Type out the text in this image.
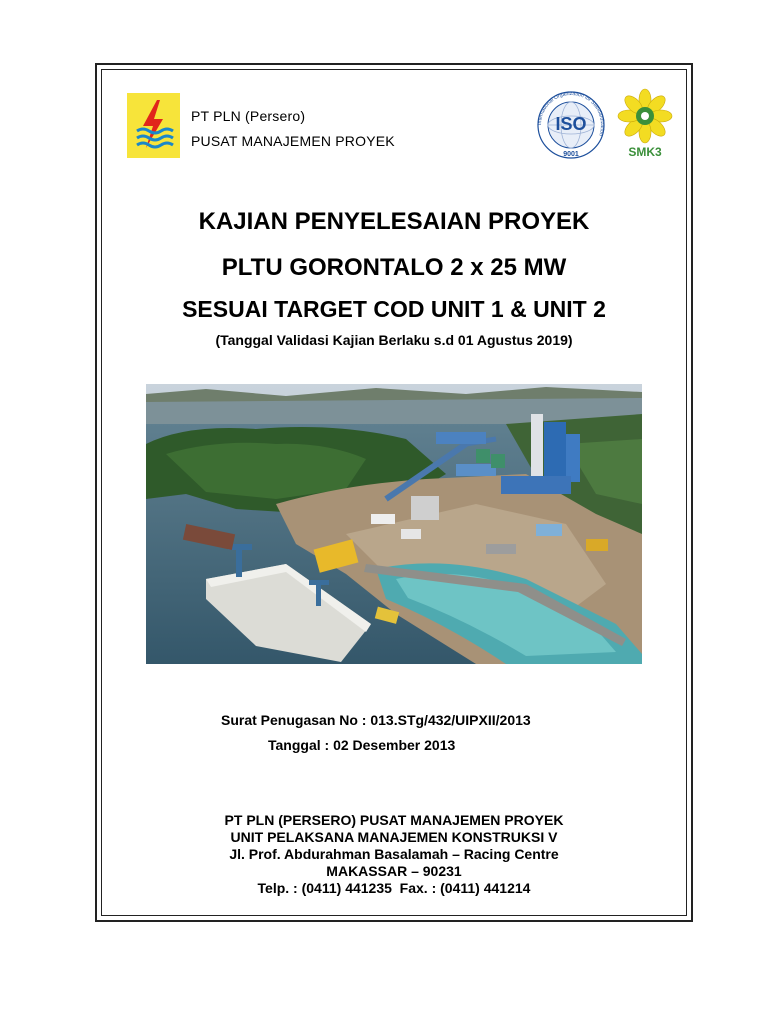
PT PLN (Persero)
PUSAT MANAJEMEN PROYEK
International Organization for Standardization
ISO
9001	SMK3
KAJIAN PENYELESAIAN PROYEK
PLTU GORONTALO 2 x 25 MW
SESUAI TARGET COD UNIT 1 & UNIT 2
(Tanggal Validasi Kajian Berlaku s.d 01 Agustus 2019)
Surat Penugasan No : 013.STg/432/UIPXII/2013
Tanggal : 02 Desember 2013
PT PLN (PERSERO) PUSAT MANAJEMEN PROYEK
UNIT PELAKSANA MANAJEMEN KONSTRUKSI V
Jl. Prof. Abdurahman Basalamah – Racing Centre
MAKASSAR – 90231
Telp. : (0411) 441235  Fax. : (0411) 441214
